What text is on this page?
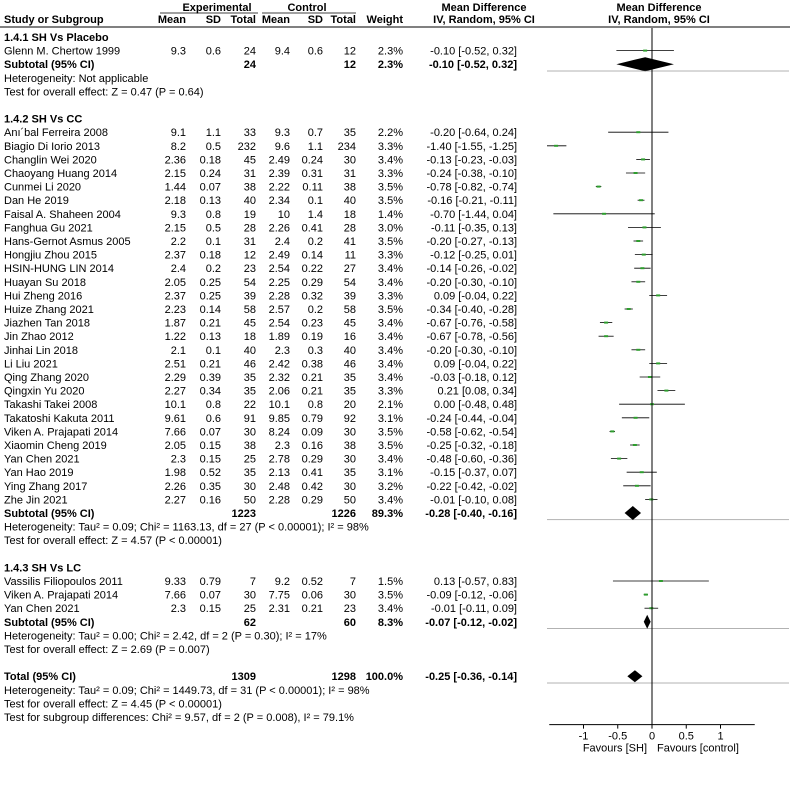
Experimental	Control	Mean Difference
IV, Random, 95% CI
Mean Difference
IV, Random, 95% CI
Study or Subgroup	Mean SD Total Mean SD Total Weight
1.4.1 SH Vs Placebo
Glenn M. Chertow 1999	9.3 0.6 24 9.4 0.6 12 2.3% -0.10 [-0.52, 0.32]
Subtotal (95% CI)	24	12 2.3% -0.10 [-0.52, 0.32]
Heterogeneity: Not applicable
Test for overall effect: Z = 0.47 (P = 0.64)
1.4.2 SH Vs CC
Anı´bal Ferreira 2008	9.1 1.1 33 9.3 0.7 35 2.2% -0.20 [-0.64, 0.24]
Biagio Di Iorio 2013	8.2 0.5 232 9.6 1.1 234 3.3% -1.40 [-1.55, -1.25]
Changlin Wei 2020	2.36 0.18 45 2.49 0.24 30 3.4% -0.13 [-0.23, -0.03]
Chaoyang Huang 2014	2.15 0.24 31 2.39 0.31 31 3.3% -0.24 [-0.38, -0.10]
Cunmei Li 2020	1.44 0.07 38 2.22 0.11 38 3.5% -0.78 [-0.82, -0.74]
Dan He 2019	2.18 0.13 40 2.34 0.1 40 3.5% -0.16 [-0.21, -0.11]
Faisal A. Shaheen 2004	9.3 0.8 19 10 1.4 18 1.4% -0.70 [-1.44, 0.04]
Fanghua Gu 2021	2.15 0.5 28 2.26 0.41 28 3.0%	-0.11 [-0.35, 0.13]
Hans-Gernot Asmus 2005	2.2 0.1 31 2.4 0.2 41 3.5% -0.20 [-0.27, -0.13]
Hongjiu Zhou 2015	2.37 0.18 12 2.49 0.14 11 3.3% -0.12 [-0.25, 0.01]
HSIN-HUNG LIN 2014	2.4 0.2 23 2.54 0.22 27 3.4% -0.14 [-0.26, -0.02]
Huayan Su 2018	2.05 0.25 54 2.25 0.29 54 3.4% -0.20 [-0.30, -0.10]
Hui Zheng 2016	2.37 0.25 39 2.28 0.32 39 3.3%	0.09 [-0.04, 0.22]
Huize Zhang 2021	2.23 0.14 58 2.57 0.2 58 3.5% -0.34 [-0.40, -0.28]
Jiazhen Tan 2018	1.87 0.21 45 2.54 0.23 45 3.4% -0.67 [-0.76, -0.58]
Jin Zhao 2012	1.22 0.13 18 1.89 0.19 16 3.4% -0.67 [-0.78, -0.56]
Jinhai Lin 2018	2.1 0.1 40 2.3 0.3 40 3.4% -0.20 [-0.30, -0.10]
Li Liu 2021	2.51 0.21 46 2.42 0.38 46 3.4%	0.09 [-0.04, 0.22]
Qing Zhang 2020	2.29 0.39 35 2.32 0.21 35 3.4% -0.03 [-0.18, 0.12]
Qingxin Yu 2020	2.27 0.34 35 2.06 0.21 35 3.3%	0.21 [0.08, 0.34]
Takashi Takei 2008	10.1 0.8 22 10.1 0.8 20 2.1%	0.00 [-0.48, 0.48]
Takatoshi Kakuta 2011	9.61 0.6 91 9.85 0.79 92 3.1% -0.24 [-0.44, -0.04]
Viken A. Prajapati 2014	7.66 0.07 30 8.24 0.09 30 3.5% -0.58 [-0.62, -0.54]
Xiaomin Cheng 2019	2.05 0.15 38 2.3 0.16 38 3.5% -0.25 [-0.32, -0.18]
Yan Chen 2021	2.3 0.15 25 2.78 0.29 30 3.4% -0.48 [-0.60, -0.36]
Yan Hao 2019	1.98 0.52 35 2.13 0.41 35 3.1% -0.15 [-0.37, 0.07]
Ying Zhang 2017	2.26 0.35 30 2.48 0.42 30 3.2% -0.22 [-0.42, -0.02]
Zhe Jin 2021	2.27 0.16 50 2.28 0.29 50 3.4% -0.01 [-0.10, 0.08]
Subtotal (95% CI)	1223	1226 89.3% -0.28 [-0.40, -0.16]
Heterogeneity: Tau² = 0.09; Chi² = 1163.13, df = 27 (P < 0.00001); I² = 98%
Test for overall effect: Z = 4.57 (P < 0.00001)
1.4.3 SH Vs LC
Vassilis Filiopoulos 2011	9.33 0.79	7 9.2 0.52 7 1.5%	0.13 [-0.57, 0.83]
Viken A. Prajapati 2014	7.66 0.07 30 7.75 0.06 30 3.5% -0.09 [-0.12, -0.06]
Yan Chen 2021	2.3 0.15 25 2.31 0.21 23 3.4%	-0.01 [-0.11, 0.09]
Subtotal (95% CI)	62	60 8.3% -0.07 [-0.12, -0.02]
Heterogeneity: Tau² = 0.00; Chi² = 2.42, df = 2 (P = 0.30); I² = 17%
Test for overall effect: Z = 2.69 (P = 0.007)
Total (95% CI)	1309	1298 100.0% -0.25 [-0.36, -0.14]
Heterogeneity: Tau² = 0.09; Chi² = 1449.73, df = 31 (P < 0.00001); I² = 98%
Test for overall effect: Z = 4.45 (P < 0.00001)
Test for subgroup differences: Chi² = 9.57, df = 2 (P = 0.008), I² = 79.1%
-1 -0.5 0 0.5 1
Favours [SH] Favours [control]
